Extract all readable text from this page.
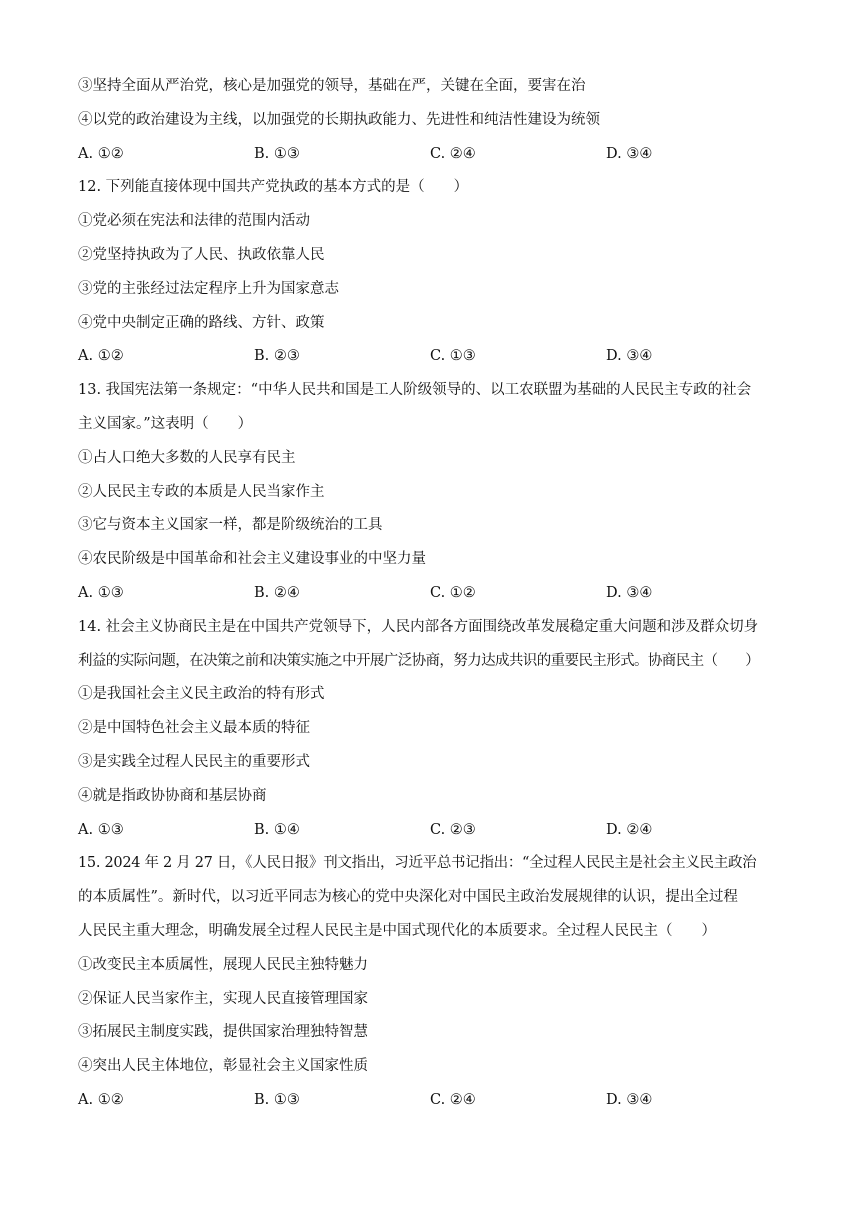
③坚持全面从严治党，核心是加强党的领导，基础在严，关键在全面，要害在治
④以党的政治建设为主线，以加强党的长期执政能力、先进性和纯洁性建设为统领
A. ①②	B. ①③	C. ②④	D. ③④
12. 下列能直接体现中国共产党执政的基本方式的是（　　）
①党必须在宪法和法律的范围内活动
②党坚持执政为了人民、执政依靠人民
③党的主张经过法定程序上升为国家意志
④党中央制定正确的路线、方针、政策
A. ①②	B. ②③	C. ①③	D. ③④
13. 我国宪法第一条规定：“中华人民共和国是工人阶级领导的、以工农联盟为基础的人民民主专政的社会
主义国家。”这表明（　　）
①占人口绝大多数的人民享有民主
②人民民主专政的本质是人民当家作主
③它与资本主义国家一样，都是阶级统治的工具
④农民阶级是中国革命和社会主义建设事业的中坚力量
A. ①③	B. ②④	C. ①②	D. ③④
14. 社会主义协商民主是在中国共产党领导下，人民内部各方面围绕改革发展稳定重大问题和涉及群众切身
利益的实际问题，在决策之前和决策实施之中开展广泛协商，努力达成共识的重要民主形式。协商民主（　　）
①是我国社会主义民主政治的特有形式
②是中国特色社会主义最本质的特征
③是实践全过程人民民主的重要形式
④就是指政协协商和基层协商
A. ①③	B. ①④	C. ②③	D. ②④
15. 2024 年 2 月 27 日，《人民日报》刊文指出，习近平总书记指出：“全过程人民民主是社会主义民主政治
的本质属性”。新时代，以习近平同志为核心的党中央深化对中国民主政治发展规律的认识，提出全过程
人民民主重大理念，明确发展全过程人民民主是中国式现代化的本质要求。全过程人民民主（　　）
①改变民主本质属性，展现人民民主独特魅力
②保证人民当家作主，实现人民直接管理国家
③拓展民主制度实践，提供国家治理独特智慧
④突出人民主体地位，彰显社会主义国家性质
A. ①②	B. ①③	C. ②④	D. ③④
